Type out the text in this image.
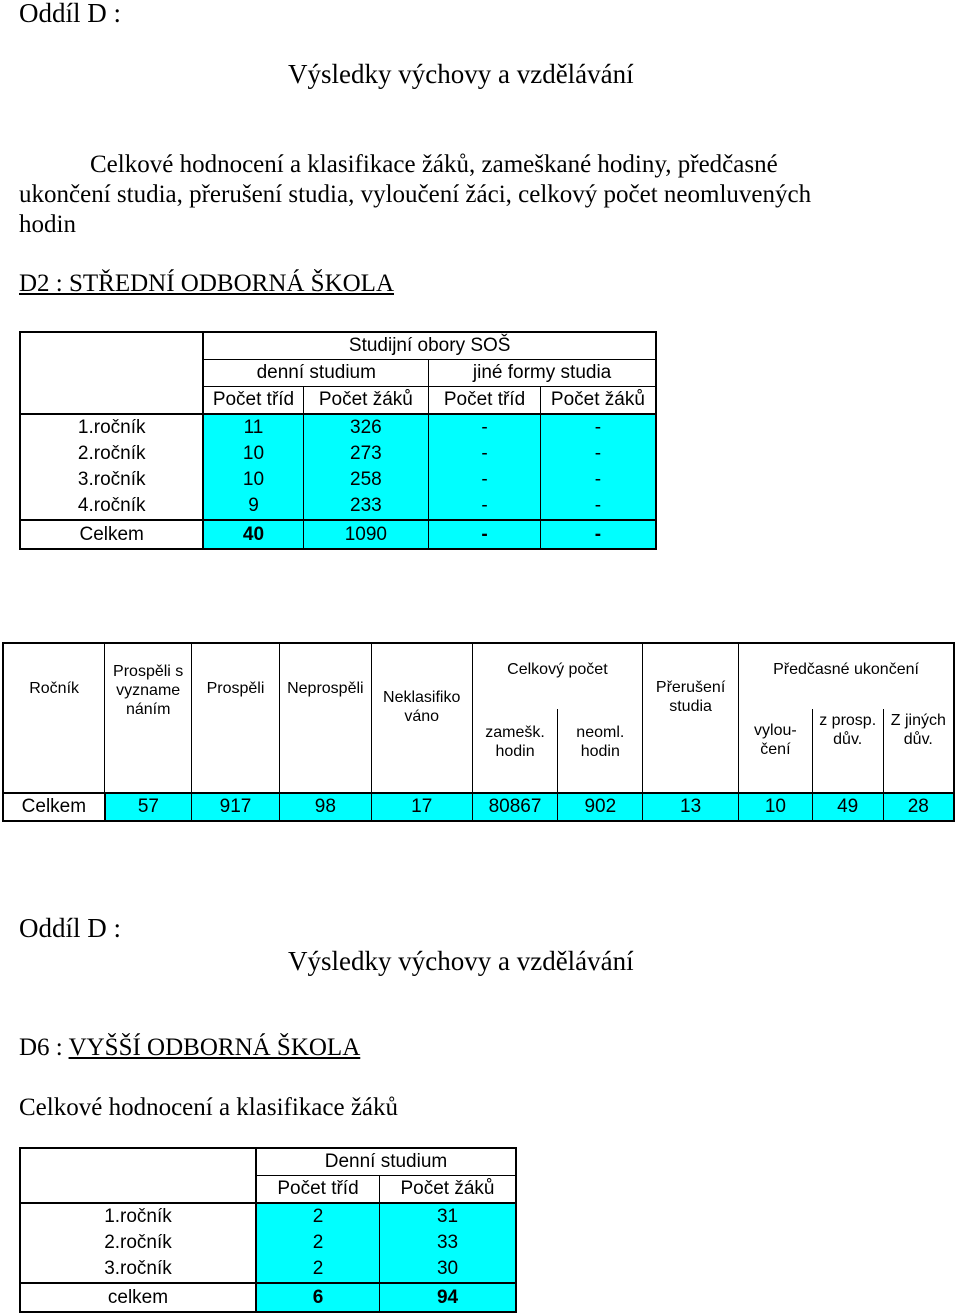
Oddíl D :
Výsledky výchovy a vzdělávání
Celkové hodnocení a klasifikace žáků, zameškané hodiny, předčasné
ukončení studia, přerušení studia, vyloučení žáci, celkový počet neomluvených
hodin
D2 : STŘEDNÍ ODBORNÁ ŠKOLA
	Studijní obory SOŠ			
	denní studium		jiné formy studia	
	Počet tříd	Počet žáků	Počet tříd	Počet žáků
1.ročník	11	326	-	-
2.ročník	10	273	-	-
3.ročník	10	258	-	-
4.ročník	9	233	-	-
Celkem	40	1090	-	-
Ročník	Prospěli s vyzname náním	Prospěli	Neprospěli	Neklasifiko váno	Celkový počet		Přerušení studia	Předčasné ukončení		
					zamešk. hodin	neoml. hodin		vylou-čení	z prosp. dův.	Z jiných dův.
Celkem	57	917	98	17	80867	902	13	10	49	28
Oddíl D :
Výsledky výchovy a vzdělávání
D6 : VYŠŠÍ ODBORNÁ ŠKOLA
Celkové hodnocení a klasifikace žáků
	Denní studium	
	Počet tříd	Počet žáků
1.ročník	2	31
2.ročník	2	33
3.ročník	2	30
celkem	6	94
